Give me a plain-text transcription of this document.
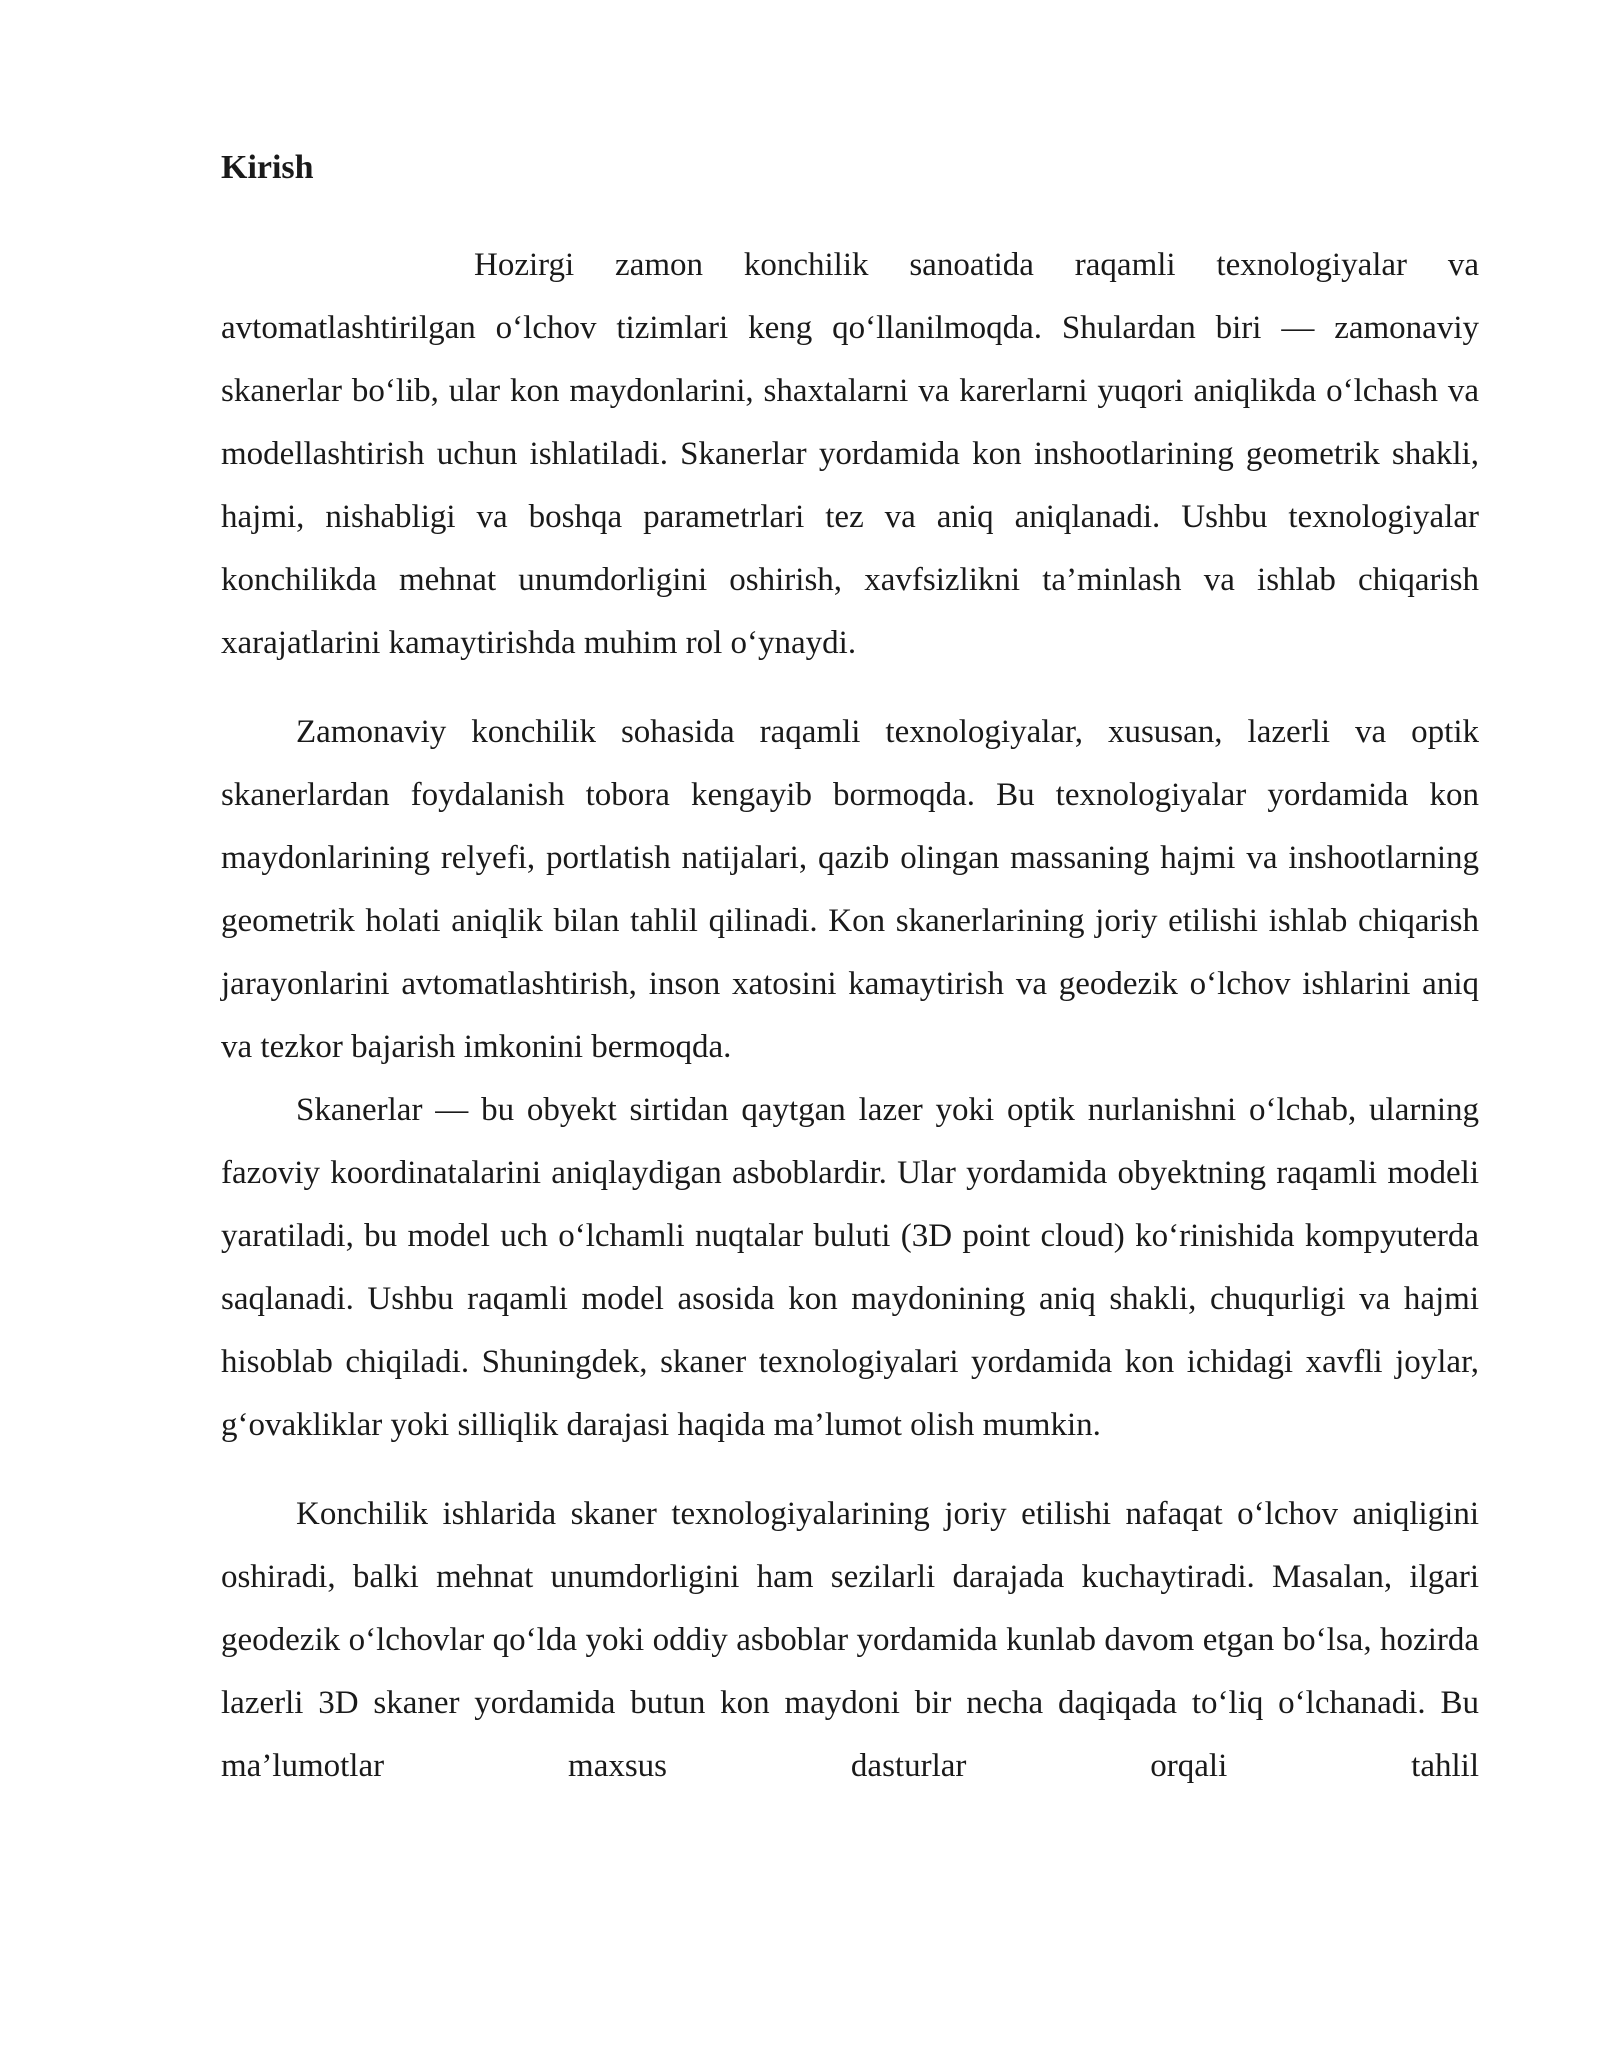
Kirish

Hozirgi zamon konchilik sanoatida raqamli texnologiyalar va avtomatlashtirilgan o‘lchov tizimlari keng qo‘llanilmoqda. Shulardan biri — zamonaviy skanerlar bo‘lib, ular kon maydonlarini, shaxtalarni va karerlarni yuqori aniqlikda o‘lchash va modellashtirish uchun ishlatiladi. Skanerlar yordamida kon inshootlarining geometrik shakli, hajmi, nishabligi va boshqa parametrlari tez va aniq aniqlanadi. Ushbu texnologiyalar konchilikda mehnat unumdorligini oshirish, xavfsizlikni ta’minlash va ishlab chiqarish xarajatlarini kamaytirishda muhim rol o‘ynaydi.

Zamonaviy konchilik sohasida raqamli texnologiyalar, xususan, lazerli va optik skanerlardan foydalanish tobora kengayib bormoqda. Bu texnologiyalar yordamida kon maydonlarining relyefi, portlatish natijalari, qazib olingan massaning hajmi va inshootlarning geometrik holati aniqlik bilan tahlil qilinadi. Kon skanerlarining joriy etilishi ishlab chiqarish jarayonlarini avtomatlashtirish, inson xatosini kamaytirish va geodezik o‘lchov ishlarini aniq va tezkor bajarish imkonini bermoqda.

Skanerlar — bu obyekt sirtidan qaytgan lazer yoki optik nurlanishni o‘lchab, ularning fazoviy koordinatalarini aniqlaydigan asboblardir. Ular yordamida obyektning raqamli modeli yaratiladi, bu model uch o‘lchamli nuqtalar buluti (3D point cloud) ko‘rinishida kompyuterda saqlanadi. Ushbu raqamli model asosida kon maydonining aniq shakli, chuqurligi va hajmi hisoblab chiqiladi. Shuningdek, skaner texnologiyalari yordamida kon ichidagi xavfli joylar, g‘ovakliklar yoki silliqlik darajasi haqida ma’lumot olish mumkin.

Konchilik ishlarida skaner texnologiyalarining joriy etilishi nafaqat o‘lchov aniqligini oshiradi, balki mehnat unumdorligini ham sezilarli darajada kuchaytiradi. Masalan, ilgari geodezik o‘lchovlar qo‘lda yoki oddiy asboblar yordamida kunlab davom etgan bo‘lsa, hozirda lazerli 3D skaner yordamida butun kon maydoni bir necha daqiqada to‘liq o‘lchanadi. Bu ma’lumotlar maxsus dasturlar orqali tahlil
